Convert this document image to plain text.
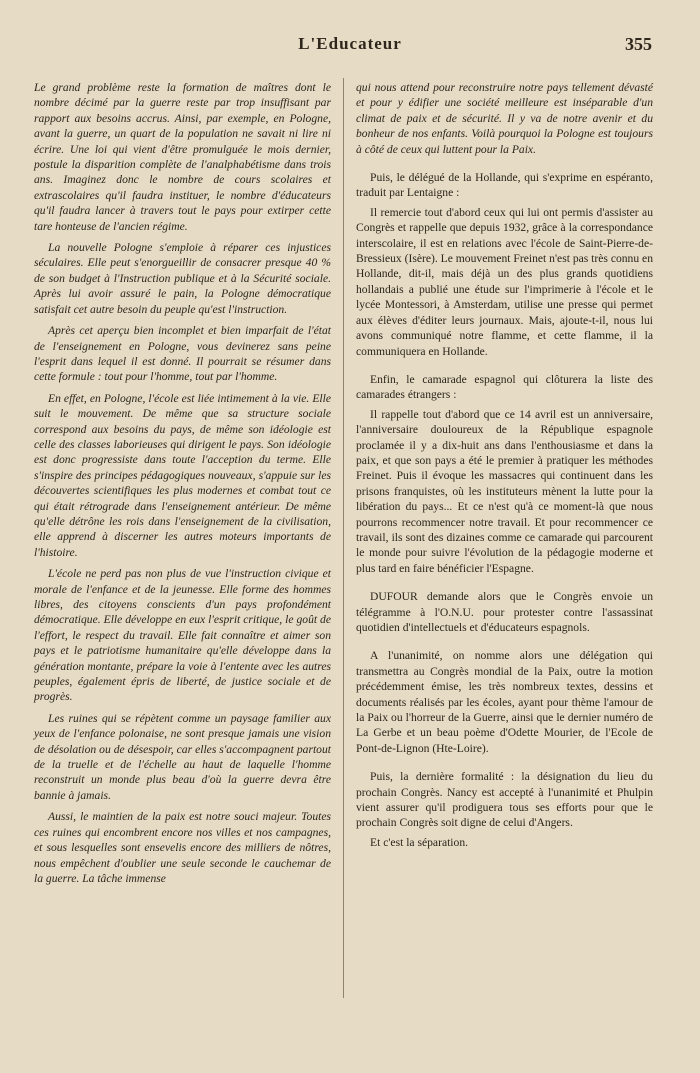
L'Educateur	355

Le grand problème reste la formation de maîtres dont le nombre décimé par la guerre reste par trop insuffisant par rapport aux besoins accrus. Ainsi, par exemple, en Pologne, avant la guerre, un quart de la population ne savait ni lire ni écrire. Une loi qui vient d'être promulguée le mois dernier, postule la disparition complète de l'analphabétisme dans trois ans. Imaginez donc le nombre de cours scolaires et extrascolaires qu'il faudra instituer, le nombre d'éducateurs qu'il faudra lancer à travers tout le pays pour extirper cette tare honteuse de l'ancien régime.

La nouvelle Pologne s'emploie à réparer ces injustices séculaires. Elle peut s'enorgueillir de consacrer presque 40 % de son budget à l'Instruction publique et à la Sécurité sociale. Après lui avoir assuré le pain, la Pologne démocratique satisfait cet autre besoin du peuple qu'est l'instruction.

Après cet aperçu bien incomplet et bien imparfait de l'état de l'enseignement en Pologne, vous devinerez sans peine l'esprit dans lequel il est donné. Il pourrait se résumer dans cette formule : tout pour l'homme, tout par l'homme.

En effet, en Pologne, l'école est liée intimement à la vie. Elle suit le mouvement. De même que sa structure sociale correspond aux besoins du pays, de même son idéologie est celle des classes laborieuses qui dirigent le pays. Son idéologie est donc progressiste dans toute l'acception du terme. Elle s'inspire des principes pédagogiques nouveaux, s'appuie sur les découvertes scientifiques les plus modernes et combat tout ce qui était rétrograde dans l'enseignement antérieur. De même qu'elle détrône les rois dans l'enseignement de la civilisation, elle apprend à discerner les autres moteurs importants de l'histoire.

L'école ne perd pas non plus de vue l'instruction civique et morale de l'enfance et de la jeunesse. Elle forme des hommes libres, des citoyens conscients d'un pays profondément démocratique. Elle développe en eux l'esprit critique, le goût de l'effort, le respect du travail. Elle fait connaître et aimer son pays et le patriotisme humanitaire qu'elle développe dans la génération montante, prépare la voie à l'entente avec les autres peuples, également épris de liberté, de justice sociale et de progrès.

Les ruines qui se répètent comme un paysage familier aux yeux de l'enfance polonaise, ne sont presque jamais une vision de désolation ou de désespoir, car elles s'accompagnent partout de la truelle et de l'échelle au haut de laquelle l'homme reconstruit un monde plus beau d'où la guerre devra être bannie à jamais.

Aussi, le maintien de la paix est notre souci majeur. Toutes ces ruines qui encombrent encore nos villes et nos campagnes, et sous lesquelles sont ensevelis encore des milliers de nôtres, nous empêchent d'oublier une seule seconde le cauchemar de la guerre. La tâche immense

qui nous attend pour reconstruire notre pays tellement dévasté et pour y édifier une société meilleure est inséparable d'un climat de paix et de sécurité. Il y va de notre avenir et du bonheur de nos enfants. Voilà pourquoi la Pologne est toujours à côté de ceux qui luttent pour la Paix.

Puis, le délégué de la Hollande, qui s'exprime en espéranto, traduit par Lentaigne :

Il remercie tout d'abord ceux qui lui ont permis d'assister au Congrès et rappelle que depuis 1932, grâce à la correspondance interscolaire, il est en relations avec l'école de Saint-Pierre-de-Bressieux (Isère). Le mouvement Freinet n'est pas très connu en Hollande, dit-il, mais déjà un des plus grands quotidiens hollandais a publié une étude sur l'imprimerie à l'école et le lycée Montessori, à Amsterdam, utilise une presse qui permet aux élèves d'éditer leurs journaux. Mais, ajoute-t-il, nous lui avons communiqué notre flamme, et cette flamme, il la communiquera en Hollande.

Enfin, le camarade espagnol qui clôturera la liste des camarades étrangers :

Il rappelle tout d'abord que ce 14 avril est un anniversaire, l'anniversaire douloureux de la République espagnole proclamée il y a dix-huit ans dans l'enthousiasme et dans la paix, et que son pays a été le premier à pratiquer les méthodes Freinet. Puis il évoque les massacres qui continuent dans les prisons franquistes, où les instituteurs mènent la lutte pour la libération du pays... Et ce n'est qu'à ce moment-là que nous pourrons recommencer notre travail. Et pour recommencer ce travail, ils sont des dizaines comme ce camarade qui parcourent le monde pour suivre l'évolution de la pédagogie moderne et plus tard en faire bénéficier l'Espagne.

DUFOUR demande alors que le Congrès envoie un télégramme à l'O.N.U. pour protester contre l'assassinat quotidien d'intellectuels et d'éducateurs espagnols.

A l'unanimité, on nomme alors une délégation qui transmettra au Congrès mondial de la Paix, outre la motion précédemment émise, les très nombreux textes, dessins et documents réalisés par les écoles, ayant pour thème l'amour de la Paix ou l'horreur de la Guerre, ainsi que le dernier numéro de La Gerbe et un beau poème d'Odette Mourier, de l'Ecole de Pont-de-Lignon (Hte-Loire).

Puis, la dernière formalité : la désignation du lieu du prochain Congrès. Nancy est accepté à l'unanimité et Phulpin vient assurer qu'il prodiguera tous ses efforts pour que le prochain Congrès soit digne de celui d'Angers.

Et c'est la séparation.
